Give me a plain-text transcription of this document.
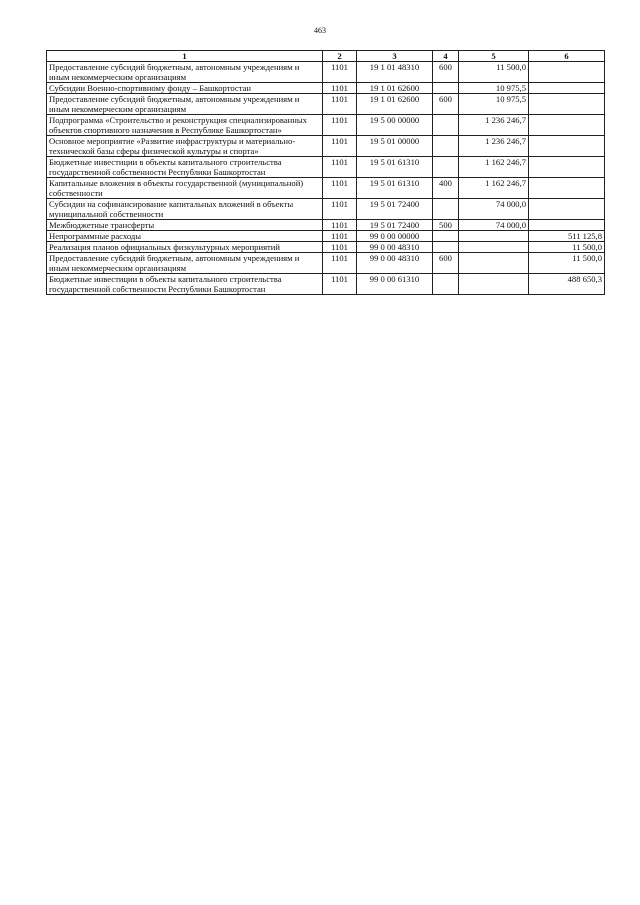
463
1	2	3	4	5	6
Предоставление субсидий бюджетным, автономным учреждениям и иным некоммерческим организациям	1101	19 1 01 48310	600	11 500,0	
Субсидии Военно-спортивному фонду – Башкортостан	1101	19 1 01 62600		10 975,5	
Предоставление субсидий бюджетным, автономным учреждениям и иным некоммерческим организациям	1101	19 1 01 62600	600	10 975,5	
Подпрограмма «Строительство и реконструкция специализированных объектов спортивного назначения в Республике Башкортостан»	1101	19 5 00 00000		1 236 246,7	
Основное мероприятие «Развитие инфраструктуры и материально-технической базы сферы физической культуры и спорта»	1101	19 5 01 00000		1 236 246,7	
Бюджетные инвестиции в объекты капитального строительства государственной собственности Республики Башкортостан	1101	19 5 01 61310		1 162 246,7	
Капитальные вложения в объекты государственной (муниципальной) собственности	1101	19 5 01 61310	400	1 162 246,7	
Субсидии на софинансирование капитальных вложений в объекты муниципальной собственности	1101	19 5 01 72400		74 000,0	
Межбюджетные трансферты	1101	19 5 01 72400	500	74 000,0	
Непрограммные расходы	1101	99 0 00 00000			511 125,8
Реализация планов официальных физкультурных мероприятий	1101	99 0 00 48310			11 500,0
Предоставление субсидий бюджетным, автономным учреждениям и иным некоммерческим организациям	1101	99 0 00 48310	600		11 500,0
Бюджетные инвестиции в объекты капитального строительства государственной собственности Республики Башкортостан	1101	99 0 00 61310			488 650,3
